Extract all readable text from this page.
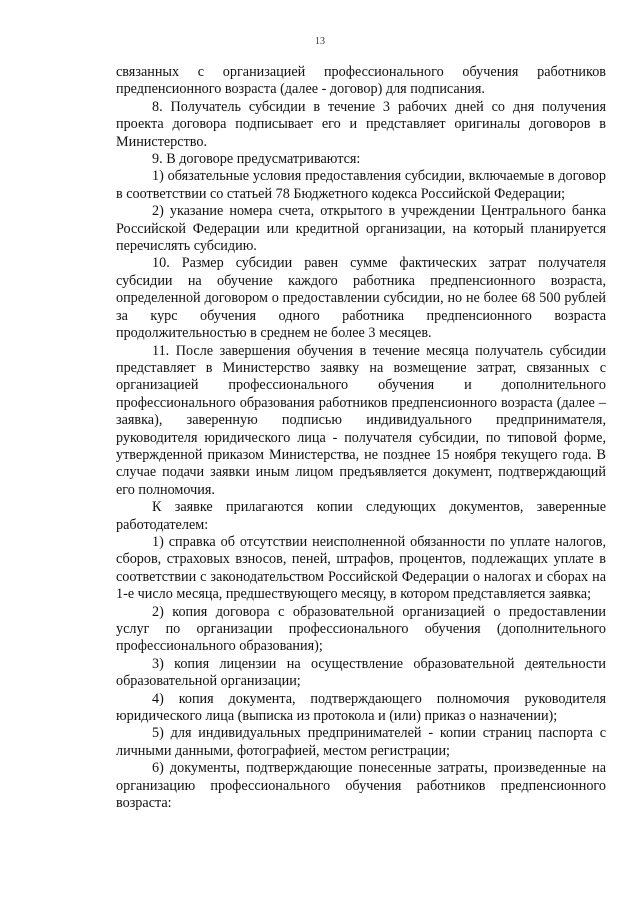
13

связанных с организацией профессионального обучения работников предпенсионного возраста (далее - договор) для подписания.

8. Получатель субсидии в течение 3 рабочих дней со дня получения проекта договора подписывает его и представляет оригиналы договоров в Министерство.

9. В договоре предусматриваются:

1) обязательные условия предоставления субсидии, включаемые в договор в соответствии со статьей 78 Бюджетного кодекса Российской Федерации;

2) указание номера счета, открытого в учреждении Центрального банка Российской Федерации или кредитной организации, на который планируется перечислять субсидию.

10. Размер субсидии равен сумме фактических затрат получателя субсидии на обучение каждого работника предпенсионного возраста, определенной договором о предоставлении субсидии, но не более 68 500 рублей за курс обучения одного работника предпенсионного возраста продолжительностью в среднем не более 3 месяцев.

11. После завершения обучения в течение месяца получатель субсидии представляет в Министерство заявку на возмещение затрат, связанных с организацией профессионального обучения и дополнительного профессионального образования работников предпенсионного возраста (далее – заявка), заверенную подписью индивидуального предпринимателя, руководителя юридического лица - получателя субсидии, по типовой форме, утвержденной приказом Министерства, не позднее 15 ноября текущего года. В случае подачи заявки иным лицом предъявляется документ, подтверждающий его полномочия.

К заявке прилагаются копии следующих документов, заверенные работодателем:

1) справка об отсутствии неисполненной обязанности по уплате налогов, сборов, страховых взносов, пеней, штрафов, процентов, подлежащих уплате в соответствии с законодательством Российской Федерации о налогах и сборах на 1-е число месяца, предшествующего месяцу, в котором представляется заявка;

2) копия договора с образовательной организацией о предоставлении услуг по организации профессионального обучения (дополнительного профессионального образования);

3) копия лицензии на осуществление образовательной деятельности образовательной организации;

4) копия документа, подтверждающего полномочия руководителя юридического лица (выписка из протокола и (или) приказ о назначении);

5) для индивидуальных предпринимателей - копии страниц паспорта с личными данными, фотографией, местом регистрации;

6) документы, подтверждающие понесенные затраты, произведенные на организацию профессионального обучения работников предпенсионного возраста:
